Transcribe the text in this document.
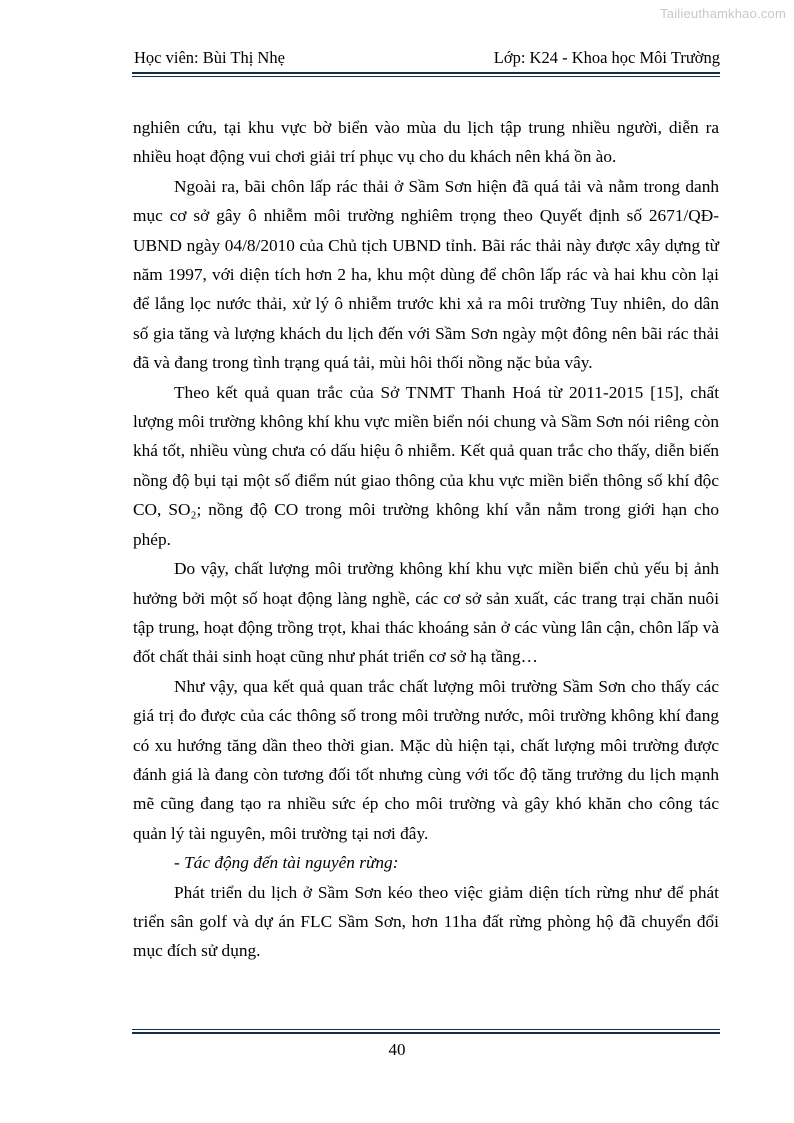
Tailieuthamkhao.com
Học viên: Bùi Thị Nhẹ	Lớp: K24 - Khoa học Môi Trường

nghiên cứu, tại khu vực bờ biển vào mùa du lịch tập trung nhiều người, diễn ra nhiều hoạt động vui chơi giải trí phục vụ cho du khách nên khá ồn ào.

Ngoài ra, bãi chôn lấp rác thải ở Sầm Sơn hiện đã quá tải và nằm trong danh mục cơ sở gây ô nhiễm môi trường nghiêm trọng theo Quyết định số 2671/QĐ-UBND ngày 04/8/2010 của Chủ tịch UBND tỉnh. Bãi rác thải này được xây dựng từ năm 1997, với diện tích hơn 2 ha, khu một dùng để chôn lấp rác và hai khu còn lại để lắng lọc nước thải, xử lý ô nhiễm trước khi xả ra môi trường Tuy nhiên, do dân số gia tăng và lượng khách du lịch đến với Sầm Sơn ngày một đông nên bãi rác thải đã và đang trong tình trạng quá tải, mùi hôi thối nồng nặc bủa vây.

Theo kết quả quan trắc của Sở TNMT Thanh Hoá từ 2011-2015 [15], chất lượng môi trường không khí khu vực miền biển nói chung và Sầm Sơn nói riêng còn khá tốt, nhiều vùng chưa có dấu hiệu ô nhiễm. Kết quả quan trắc cho thấy, diễn biến nồng độ bụi tại một số điểm nút giao thông của khu vực miền biển thông số khí độc CO, SO₂; nồng độ CO trong môi trường không khí vẫn nằm trong giới hạn cho phép.

Do vậy, chất lượng môi trường không khí khu vực miền biển chủ yếu bị ảnh hưởng bởi một số hoạt động làng nghề, các cơ sở sản xuất, các trang trại chăn nuôi tập trung, hoạt động trồng trọt, khai thác khoáng sản ở các vùng lân cận, chôn lấp và đốt chất thải sinh hoạt cũng như phát triển cơ sở hạ tầng…

Như vậy, qua kết quả quan trắc chất lượng môi trường Sầm Sơn cho thấy các giá trị đo được của các thông số trong môi trường nước, môi trường không khí đang có xu hướng tăng dần theo thời gian. Mặc dù hiện tại, chất lượng môi trường được đánh giá là đang còn tương đối tốt nhưng cùng với tốc độ tăng trưởng du lịch mạnh mẽ cũng đang tạo ra nhiều sức ép cho môi trường và gây khó khăn cho công tác quản lý tài nguyên, môi trường tại nơi đây.

- Tác động đến tài nguyên rừng:

Phát triển du lịch ở Sầm Sơn kéo theo việc giảm diện tích rừng như để phát triển sân golf và dự án FLC Sầm Sơn, hơn 11ha đất rừng phòng hộ đã chuyển đổi mục đích sử dụng.

40
